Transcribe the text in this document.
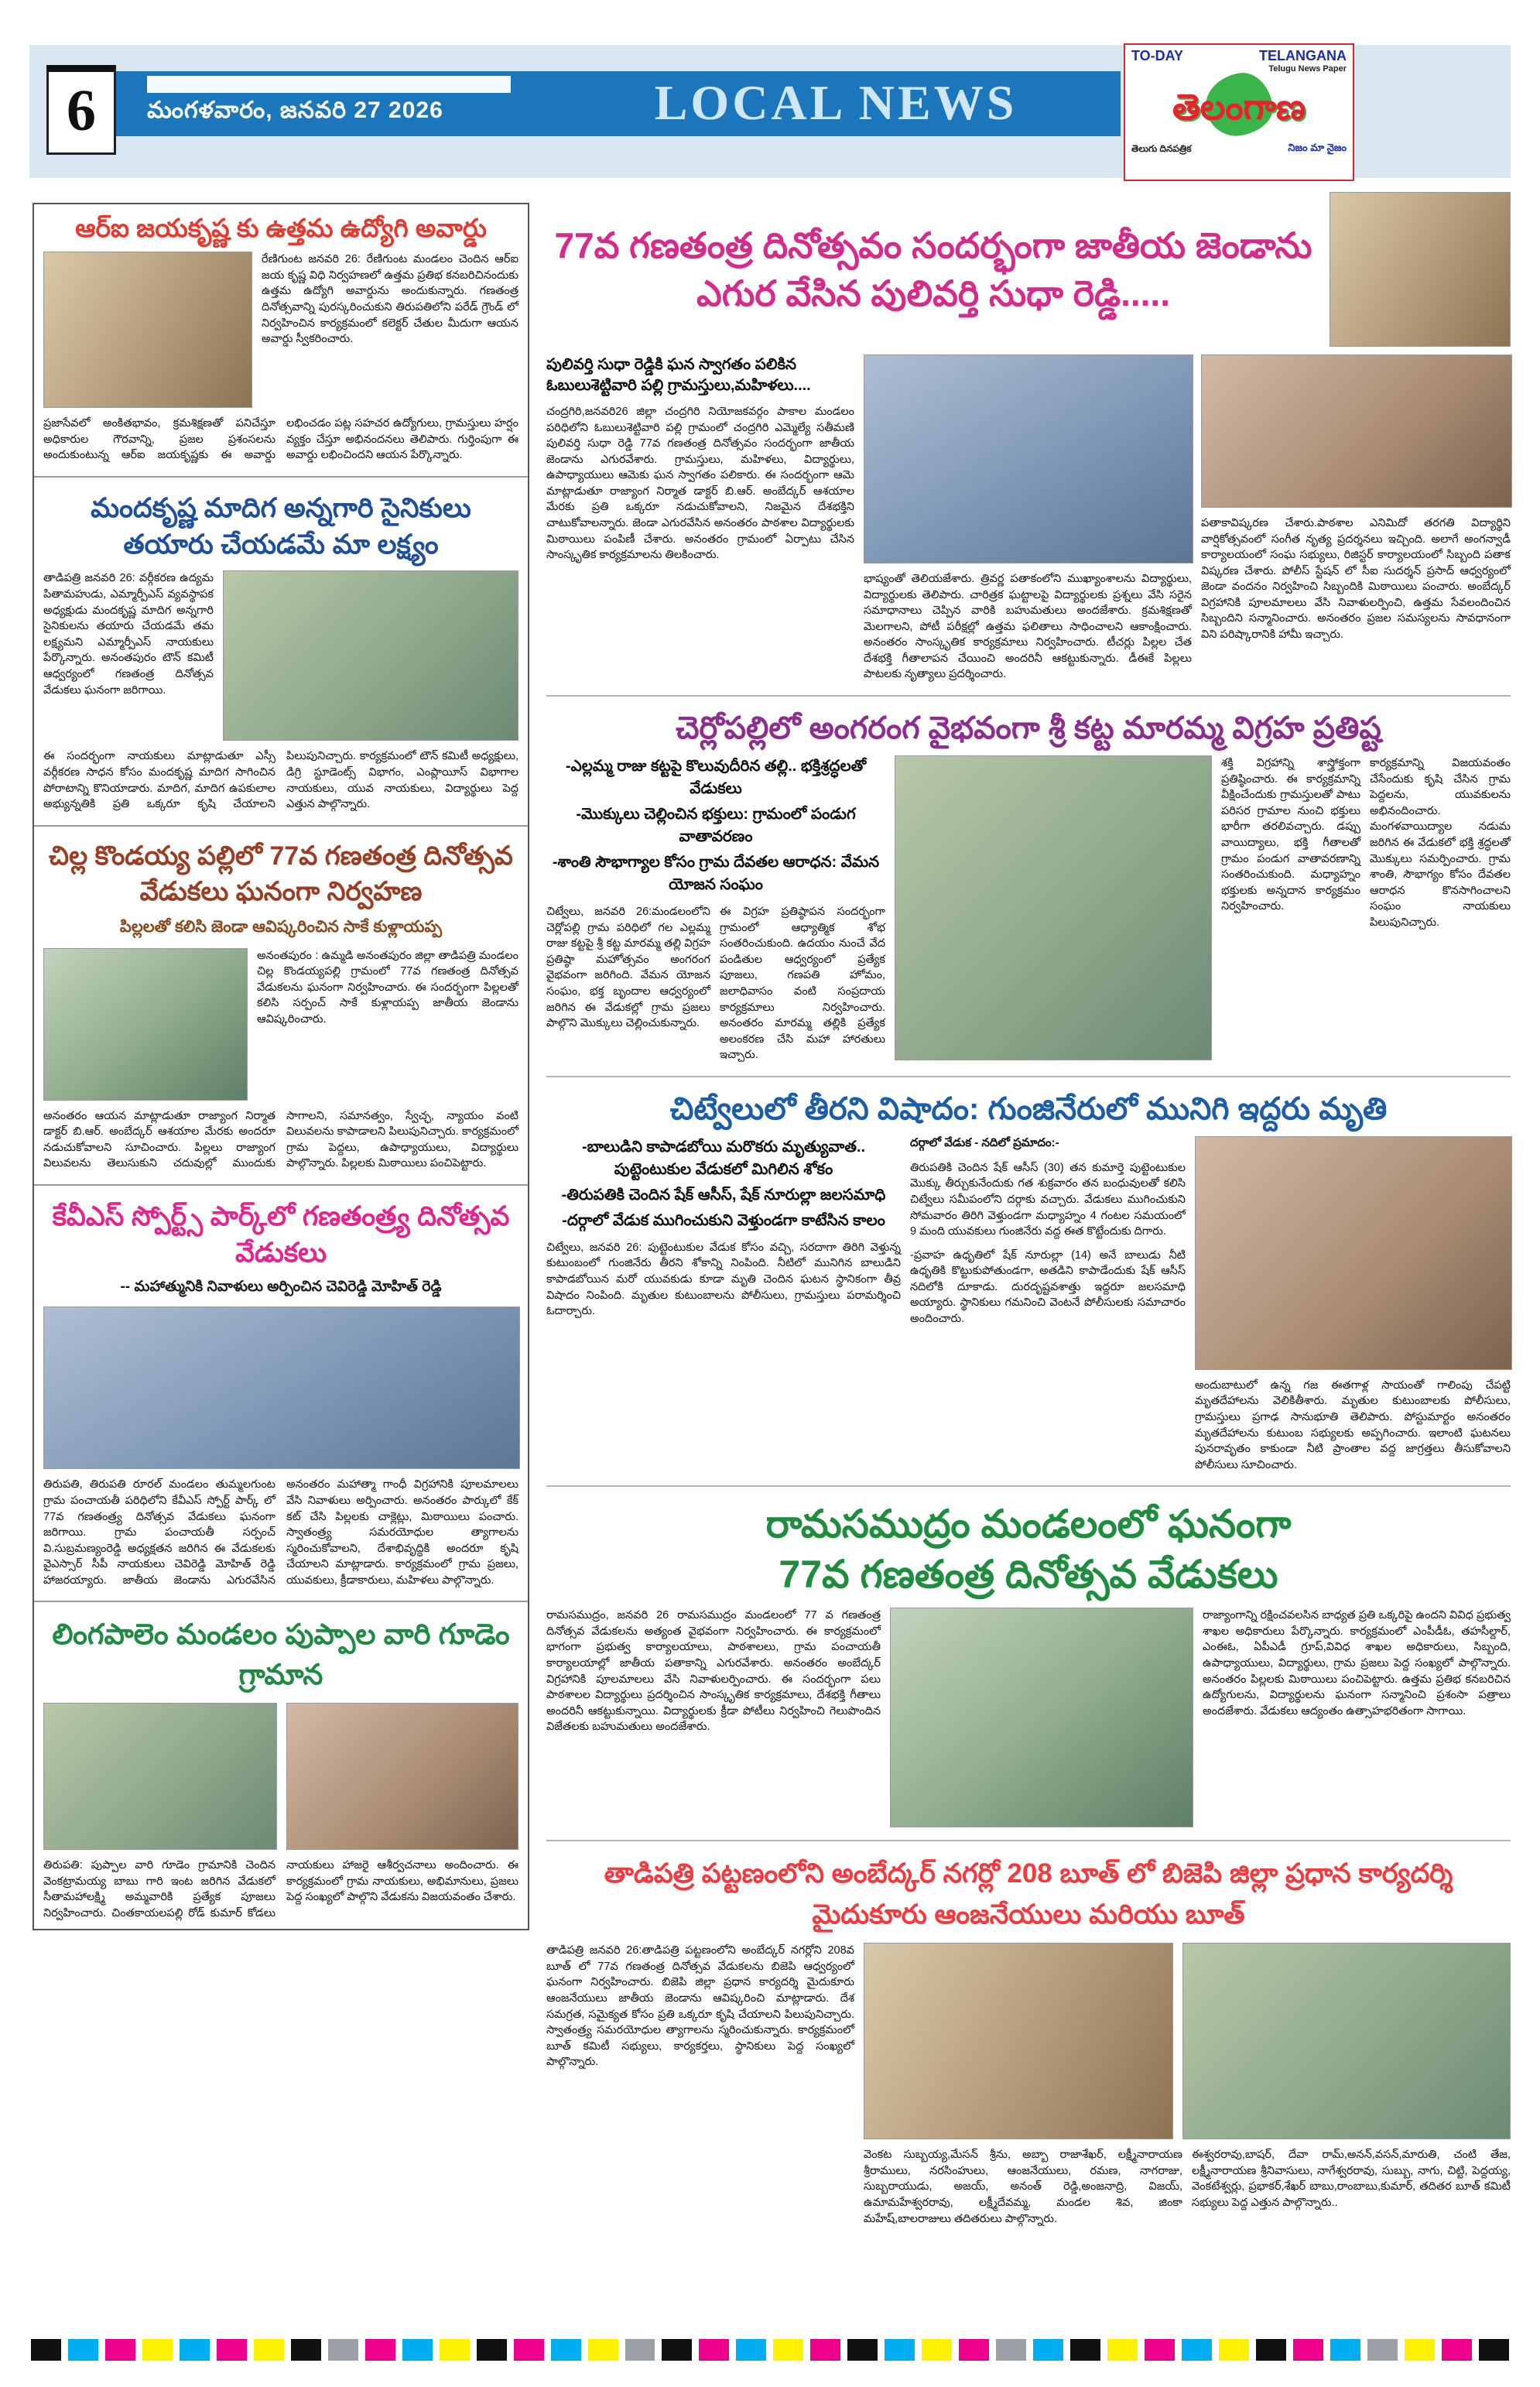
6	మంగళవారం, జనవరి 27 2026	LOCAL NEWS
TO-DAY	TELANGANA
Telugu News Paper
తెలంగాణ
తెలుగు దినపత్రిక	నిజం మా నైజం
ఆర్ఐ జయకృష్ణ కు ఉత్తమ ఉద్యోగి అవార్డు
రేణిగుంట జనవరి 26: రేణిగుంట మండలం చెందిన ఆర్ఐ జయ కృష్ణ విధి నిర్వహణలో ఉత్తమ ప్రతిభ కనబరిచినందుకు ఉత్తమ ఉద్యోగి అవార్డును అందుకున్నారు. గణతంత్ర దినోత్సవాన్ని పురస్కరించుకుని తిరుపతిలోని పరేడ్ గ్రౌండ్ లో నిర్వహించిన కార్యక్రమంలో కలెక్టర్ చేతుల మీదుగా ఆయన అవార్డు స్వీకరించారు.
ప్రజాసేవలో అంకితభావం, క్రమశిక్షణతో పనిచేస్తూ అధికారుల గౌరవాన్ని, ప్రజల ప్రశంసలను అందుకుంటున్న ఆర్ఐ జయకృష్ణకు ఈ అవార్డు లభించడం పట్ల సహచర ఉద్యోగులు, గ్రామస్తులు హర్షం వ్యక్తం చేస్తూ అభినందనలు తెలిపారు. గుర్తింపుగా ఈ అవార్డు లభించిందని ఆయన పేర్కొన్నారు.
మందకృష్ణ మాదిగ అన్నగారి సైనికులు తయారు చేయడమే మా లక్ష్యం
తాడిపత్రి జనవరి 26: వర్గీకరణ ఉద్యమ పితామహుడు, ఎమ్మార్పీఎస్ వ్యవస్థాపక అధ్యక్షుడు మందకృష్ణ మాదిగ అన్నగారి సైనికులను తయారు చేయడమే తమ లక్ష్యమని ఎమ్మార్పీఎస్ నాయకులు పేర్కొన్నారు. అనంతపురం టౌన్ కమిటీ ఆధ్వర్యంలో గణతంత్ర దినోత్సవ వేడుకలు ఘనంగా జరిగాయి.
ఈ సందర్భంగా నాయకులు మాట్లాడుతూ ఎస్సీ వర్గీకరణ సాధన కోసం మందకృష్ణ మాదిగ సాగించిన పోరాటాన్ని కొనియాడారు. మాదిగ, మాదిగ ఉపకులాల అభ్యున్నతికి ప్రతి ఒక్కరూ కృషి చేయాలని పిలుపునిచ్చారు. కార్యక్రమంలో టౌన్ కమిటీ అధ్యక్షులు, డిగ్రి స్టూడెంట్స్ విభాగం, ఎంప్లాయీస్ విభాగాల నాయకులు, యువ నాయకులు, విద్యార్థులు పెద్ద ఎత్తున పాల్గొన్నారు.
చిల్ల కొండయ్య పల్లిలో 77వ గణతంత్ర దినోత్సవ వేడుకలు ఘనంగా నిర్వహణ
పిల్లలతో కలిసి జెండా ఆవిష్కరించిన సాకే కుళ్లాయప్ప
అనంతపురం : ఉమ్మడి అనంతపురం జిల్లా తాడిపత్రి మండలం చిల్ల కొండయ్యపల్లి గ్రామంలో 77వ గణతంత్ర దినోత్సవ వేడుకలను ఘనంగా నిర్వహించారు. ఈ సందర్భంగా పిల్లలతో కలిసి సర్పంచ్ సాకే కుళ్లాయప్ప జాతీయ జెండాను ఆవిష్కరించారు.
అనంతరం ఆయన మాట్లాడుతూ రాజ్యాంగ నిర్మాత డాక్టర్ బి.ఆర్. అంబేద్కర్ ఆశయాల మేరకు అందరూ నడుచుకోవాలని సూచించారు. పిల్లలు రాజ్యాంగ విలువలను తెలుసుకుని చదువుల్లో ముందుకు సాగాలని, సమానత్వం, స్వేచ్ఛ, న్యాయం వంటి విలువలను కాపాడాలని పిలుపునిచ్చారు. కార్యక్రమంలో గ్రామ పెద్దలు, ఉపాధ్యాయులు, విద్యార్థులు పాల్గొన్నారు. పిల్లలకు మిఠాయిలు పంచిపెట్టారు.
కేవీఎస్ స్పోర్ట్స్ పార్క్‌లో గణతంత్ర్య దినోత్సవ వేడుకలు
-- మహాత్మునికి నివాళులు అర్పించిన చెవిరెడ్డి మోహిత్ రెడ్డి
తిరుపతి, తిరుపతి రూరల్ మండలం తుమ్మలగుంట గ్రామ పంచాయతీ పరిధిలోని కేవీఎస్ స్పోర్ట్ పార్క్ లో 77వ గణతంత్ర్య దినోత్సవ వేడుకలు ఘనంగా జరిగాయి. గ్రామ పంచాయతీ సర్పంచ్ వి.సుబ్రమణ్యంరెడ్డి అధ్యక్షతన జరిగిన ఈ వేడుకలకు వైఎస్సార్ సీపీ నాయకులు చెవిరెడ్డి మోహిత్ రెడ్డి హాజరయ్యారు. జాతీయ జెండాను ఎగురవేసిన అనంతరం మహాత్మా గాంధీ విగ్రహానికి పూలమాలలు వేసి నివాళులు అర్పించారు. అనంతరం పార్కులో కేక్ కట్ చేసి పిల్లలకు చాక్లెట్లు, మిఠాయిలు పంచారు. స్వాతంత్ర్య సమరయోధుల త్యాగాలను స్మరించుకోవాలని, దేశాభివృద్ధికి అందరూ కృషి చేయాలని మాట్లాడారు. కార్యక్రమంలో గ్రామ ప్రజలు, యువకులు, క్రీడాకారులు, మహిళలు పాల్గొన్నారు.
లింగపాలెం మండలం పుప్పాల వారి గూడెం గ్రామాన
తిరుపతి: పుప్పాల వారి గూడెం గ్రామానికి చెందిన వెంకట్రామయ్య బాబు గారి ఇంట జరిగిన వేడుకలో సీతామహాలక్ష్మి అమ్మవారికి ప్రత్యేక పూజలు నిర్వహించారు. చింతకాయలపల్లి రోడ్ కుమార్ కోడలు నాయకులు హాజరై ఆశీర్వచనాలు అందించారు. ఈ కార్యక్రమంలో గ్రామ నాయకులు, అభిమానులు, ప్రజలు పెద్ద సంఖ్యలో పాల్గొని వేడుకను విజయవంతం చేశారు.
77వ గణతంత్ర దినోత్సవం సందర్భంగా జాతీయ జెండాను ఎగుర వేసిన పులివర్తి సుధా రెడ్డి.....
పులివర్తి సుధా రెడ్డికి ఘన స్వాగతం పలికిన ఓబులుశెట్టివారి పల్లి గ్రామస్తులు,మహిళలు....
చంద్రగిరి,జనవరి26 జిల్లా చంద్రగిరి నియోజకవర్గం పాకాల మండలం పరిధిలోని ఓబులుశెట్టివారి పల్లి గ్రామంలో చంద్రగిరి ఎమ్మెల్యే సతీమణి పులివర్తి సుధా రెడ్డి 77వ గణతంత్ర దినోత్సవం సందర్భంగా జాతీయ జెండాను ఎగురవేశారు. గ్రామస్తులు, మహిళలు, విద్యార్థులు, ఉపాధ్యాయులు ఆమెకు ఘన స్వాగతం పలికారు. ఈ సందర్భంగా ఆమె మాట్లాడుతూ రాజ్యాంగ నిర్మాత డాక్టర్ బి.ఆర్. అంబేద్కర్ ఆశయాల మేరకు ప్రతి ఒక్కరూ నడుచుకోవాలని, నిజమైన దేశభక్తిని చాటుకోవాలన్నారు. జెండా ఎగురవేసిన అనంతరం పాఠశాల విద్యార్థులకు మిఠాయిలు పంపిణీ చేశారు. అనంతరం గ్రామంలో ఏర్పాటు చేసిన సాంస్కృతిక కార్యక్రమాలను తిలకించారు.
భాష్యంతో తెలియజేశారు. త్రివర్ణ పతాకంలోని ముఖ్యాంశాలను విద్యార్థులు, విద్యార్థులకు తెలిపారు. చారిత్రక ఘట్టాలపై విద్యార్థులకు ప్రశ్నలు వేసి సరైన సమాధానాలు చెప్పిన వారికి బహుమతులు అందజేశారు. క్రమశిక్షణతో మెలగాలని, పోటీ పరీక్షల్లో ఉత్తమ ఫలితాలు సాధించాలని ఆకాంక్షించారు. అనంతరం సాంస్కృతిక కార్యక్రమాలు నిర్వహించారు. టీచర్లు పిల్లల చేత దేశభక్తి గీతాలాపన చేయించి అందరినీ ఆకట్టుకున్నారు. డీఈకే పిల్లలు పాటలకు నృత్యాలు ప్రదర్శించారు.
పతాకావిష్కరణ చేశారు.పాఠశాల ఎనిమిదో తరగతి విద్యార్థిని వార్షికోత్సవంలో సంగీత నృత్య ప్రదర్శనలు ఇచ్చింది. అలాగే అంగన్వాడీ కార్యాలయంలో సంఘ సభ్యులు, రిజిస్టర్ కార్యాలయంలో సిబ్బంది పతాక విష్కరణ చేశారు. పోలీస్ స్టేషన్ లో సీఐ సుదర్శన్ ప్రసాద్ ఆధ్వర్యంలో జెండా వందనం నిర్వహించి సిబ్బందికి మిఠాయిలు పంచారు. అంబేద్కర్ విగ్రహానికి పూలమాలలు వేసి నివాళులర్పించి, ఉత్తమ సేవలందించిన సిబ్బందిని సన్మానించారు. అనంతరం ప్రజల సమస్యలను సావధానంగా విని పరిష్కారానికి హామీ ఇచ్చారు.
చెర్లోపల్లిలో అంగరంగ వైభవంగా శ్రీ కట్ట మారమ్మ విగ్రహ ప్రతిష్ట
-ఎల్లమ్మ రాజు కట్టపై కొలువుదీరిన తల్లి.. భక్తిశ్రద్ధలతో వేడుకలు
-మొక్కులు చెల్లించిన భక్తులు: గ్రామంలో పండుగ వాతావరణం
-శాంతి సౌభాగ్యాల కోసం గ్రామ దేవతల ఆరాధన: వేమన యోజన సంఘం
చిట్వేలు, జనవరి 26:మండలంలోని చెర్లోపల్లి గ్రామ పరిధిలో గల ఎల్లమ్మ రాజు కట్టపై శ్రీ కట్ట మారమ్మ తల్లి విగ్రహ ప్రతిష్ఠా మహోత్సవం అంగరంగ వైభవంగా జరిగింది. వేమన యోజన సంఘం, భక్త బృందాల ఆధ్వర్యంలో జరిగిన ఈ వేడుకల్లో గ్రామ ప్రజలు పాల్గొని మొక్కులు చెల్లించుకున్నారు.
ఈ విగ్రహ ప్రతిష్ఠాపన సందర్భంగా గ్రామంలో ఆధ్యాత్మిక శోభ సంతరించుకుంది. ఉదయం నుంచే వేద పండితుల ఆధ్వర్యంలో ప్రత్యేక పూజలు, గణపతి హోమం, జలాధివాసం వంటి సంప్రదాయ కార్యక్రమాలు నిర్వహించారు. అనంతరం మారమ్మ తల్లికి ప్రత్యేక అలంకరణ చేసి మహా హారతులు ఇచ్చారు.
శక్తి విగ్రహాన్ని శాస్త్రోక్తంగా ప్రతిష్ఠించారు. ఈ కార్యక్రమాన్ని వీక్షించేందుకు గ్రామస్తులతో పాటు పరిసర గ్రామాల నుంచి భక్తులు భారీగా తరలివచ్చారు. డప్పు వాయిద్యాలు, భక్తి గీతాలతో గ్రామం పండుగ వాతావరణాన్ని సంతరించుకుంది. మధ్యాహ్నం భక్తులకు అన్నదాన కార్యక్రమం నిర్వహించారు.
కార్యక్రమాన్ని విజయవంతం చేసేందుకు కృషి చేసిన గ్రామ పెద్దలను, యువకులను అభినందించారు. మంగళవాయిద్యాల నడుమ జరిగిన ఈ వేడుకలో భక్తి శ్రద్ధలతో మొక్కులు సమర్పించారు. గ్రామ శాంతి, సౌభాగ్యం కోసం దేవతల ఆరాధన కొనసాగించాలని సంఘం నాయకులు పిలుపునిచ్చారు.
చిట్వేలులో తీరని విషాదం: గుంజినేరులో మునిగి ఇద్దరు మృతి
-బాలుడిని కాపాడబోయి మరొకరు మృత్యువాత.. పుట్టెంటుకుల వేడుకలో మిగిలిన శోకం
-తిరుపతికి చెందిన షేక్ ఆసీస్, షేక్ నూరుల్లా జలసమాధి
-దర్గాలో వేడుక ముగించుకుని వెళ్తుండగా కాటేసిన కాలం
చిట్వేలు, జనవరి 26: పుట్టెంటుకుల వేడుక కోసం వచ్చి, సరదాగా తిరిగి వెళ్తున్న కుటుంబంలో గుంజినేరు తీరని శోకాన్ని నింపింది. నీటిలో మునిగిన బాలుడిని కాపాడబోయిన మరో యువకుడు కూడా మృతి చెందిన ఘటన స్థానికంగా తీవ్ర విషాదం నింపింది. మృతుల కుటుంబాలను పోలీసులు, గ్రామస్తులు పరామర్శించి ఓదార్చారు.
దర్గాలో వేడుక - నదిలో ప్రమాదం:-
తిరుపతికి చెందిన షేక్ ఆసీస్ (30) తన కుమార్తె పుట్టెంటుకుల మొక్కు తీర్చుకునేందుకు గత శుక్రవారం తన బంధువులతో కలిసి చిట్వేలు సమీపంలోని దర్గాకు వచ్చారు. వేడుకలు ముగించుకుని సోమవారం తిరిగి వెళ్తుండగా మధ్యాహ్నం 4 గంటల సమయంలో 9 మంది యువకులు గుంజినేరు వద్ద ఈత కొట్టేందుకు దిగారు.
-ప్రవాహ ఉధృతిలో షేక్ నూరుల్లా (14) అనే బాలుడు నీటి ఉధృతికి కొట్టుకుపోతుండగా, అతడిని కాపాడేందుకు షేక్ ఆసీస్ నదిలోకి దూకాడు. దురదృష్టవశాత్తు ఇద్దరూ జలసమాధి అయ్యారు. స్థానికులు గమనించి వెంటనే పోలీసులకు సమాచారం అందించారు.
అందుబాటులో ఉన్న గజ ఈతగాళ్ల సాయంతో గాలింపు చేపట్టి మృతదేహాలను వెలికితీశారు. మృతుల కుటుంబాలకు పోలీసులు, గ్రామస్తులు ప్రగాఢ సానుభూతి తెలిపారు. పోస్టుమార్టం అనంతరం మృతదేహాలను కుటుంబ సభ్యులకు అప్పగించారు. ఇలాంటి ఘటనలు పునరావృతం కాకుండా నీటి ప్రాంతాల వద్ద జాగ్రత్తలు తీసుకోవాలని పోలీసులు సూచించారు.
రామసముద్రం మండలంలో ఘనంగా
77వ గణతంత్ర దినోత్సవ వేడుకలు
రామసముద్రం, జనవరి 26 రామసముద్రం మండలంలో 77 వ గణతంత్ర దినోత్సవ వేడుకలను అత్యంత వైభవంగా నిర్వహించారు. ఈ కార్యక్రమంలో భాగంగా ప్రభుత్వ కార్యాలయాలు, పాఠశాలలు, గ్రామ పంచాయతీ కార్యాలయాల్లో జాతీయ పతాకాన్ని ఎగురవేశారు. అనంతరం అంబేద్కర్ విగ్రహానికి పూలమాలలు వేసి నివాళులర్పించారు. ఈ సందర్భంగా పలు పాఠశాలల విద్యార్థులు ప్రదర్శించిన సాంస్కృతిక కార్యక్రమాలు, దేశభక్తి గీతాలు అందరినీ ఆకట్టుకున్నాయి. విద్యార్థులకు క్రీడా పోటీలు నిర్వహించి గెలుపొందిన విజేతలకు బహుమతులు అందజేశారు.
రాజ్యాంగాన్ని రక్షించవలసిన బాధ్యత ప్రతి ఒక్కరిపై ఉందని వివిధ ప్రభుత్వ శాఖల అధికారులు పేర్కొన్నారు. కార్యక్రమంలో ఎంపీడీఓ, తహసీల్దార్, ఎంఈఓ, ఏపీఎడీ గ్రూప్,వివిధ శాఖల అధికారులు, సిబ్బంది, ఉపాధ్యాయులు, విద్యార్థులు, గ్రామ ప్రజలు పెద్ద సంఖ్యలో పాల్గొన్నారు. అనంతరం పిల్లలకు మిఠాయిలు పంచిపెట్టారు. ఉత్తమ ప్రతిభ కనబరిచిన ఉద్యోగులను, విద్యార్థులను ఘనంగా సన్మానించి ప్రశంసా పత్రాలు అందజేశారు. వేడుకలు ఆద్యంతం ఉత్సాహభరితంగా సాగాయి.
తాడిపత్రి పట్టణంలోని అంబేద్కర్ నగర్లో 208 బూత్ లో బిజెపి జిల్లా ప్రధాన కార్యదర్శి మైదుకూరు ఆంజనేయులు మరియు బూత్
తాడిపత్రి జనవరి 26:తాడిపత్రి పట్టణంలోని అంబేద్కర్ నగర్లోని 208వ బూత్ లో 77వ గణతంత్ర దినోత్సవ వేడుకలను బిజెపి ఆధ్వర్యంలో ఘనంగా నిర్వహించారు. బిజెపి జిల్లా ప్రధాన కార్యదర్శి మైదుకూరు ఆంజనేయులు జాతీయ జెండాను ఆవిష్కరించి మాట్లాడారు. దేశ సమగ్రత, సమైక్యత కోసం ప్రతి ఒక్కరూ కృషి చేయాలని పిలుపునిచ్చారు. స్వాతంత్ర్య సమరయోధుల త్యాగాలను స్మరించుకున్నారు. కార్యక్రమంలో బూత్ కమిటీ సభ్యులు, కార్యకర్తలు, స్థానికులు పెద్ద సంఖ్యలో పాల్గొన్నారు.
వెంకట సుబ్బయ్య,మేసన్ శ్రీను, అబ్బా రాజాశేఖర్, లక్ష్మీనారాయణ శ్రీరాములు, నరసింహులు, ఆంజనేయులు, రమణ, నాగరాజు, సుబ్బరాయుడు, అజయ్, అనంత్ రెడ్డి,అంజనాద్రి, విజయ్, ఉమామహేశ్వరరావు, లక్ష్మీదేవమ్మ, మండల శివ, జింకా మహేష్,బాలరాజులు తదితరులు పాల్గొన్నారు.
ఈశ్వరరావు,బాషర్, దేవా రామ్,అనన్,వసన్,మారుతి, చంటి తేజ, లక్ష్మీనారాయణ శ్రీనివాసులు, నాగేశ్వరరావు, సుబ్బు, నాగు, చిట్టి, పెద్దయ్య, వెంకటేశ్వర్లు, ప్రభాకర్,శేఖర్ బాబు,రాంబాబు,కుమార్, తదితర బూత్ కమిటీ సభ్యులు పెద్ద ఎత్తున పాల్గొన్నారు..
